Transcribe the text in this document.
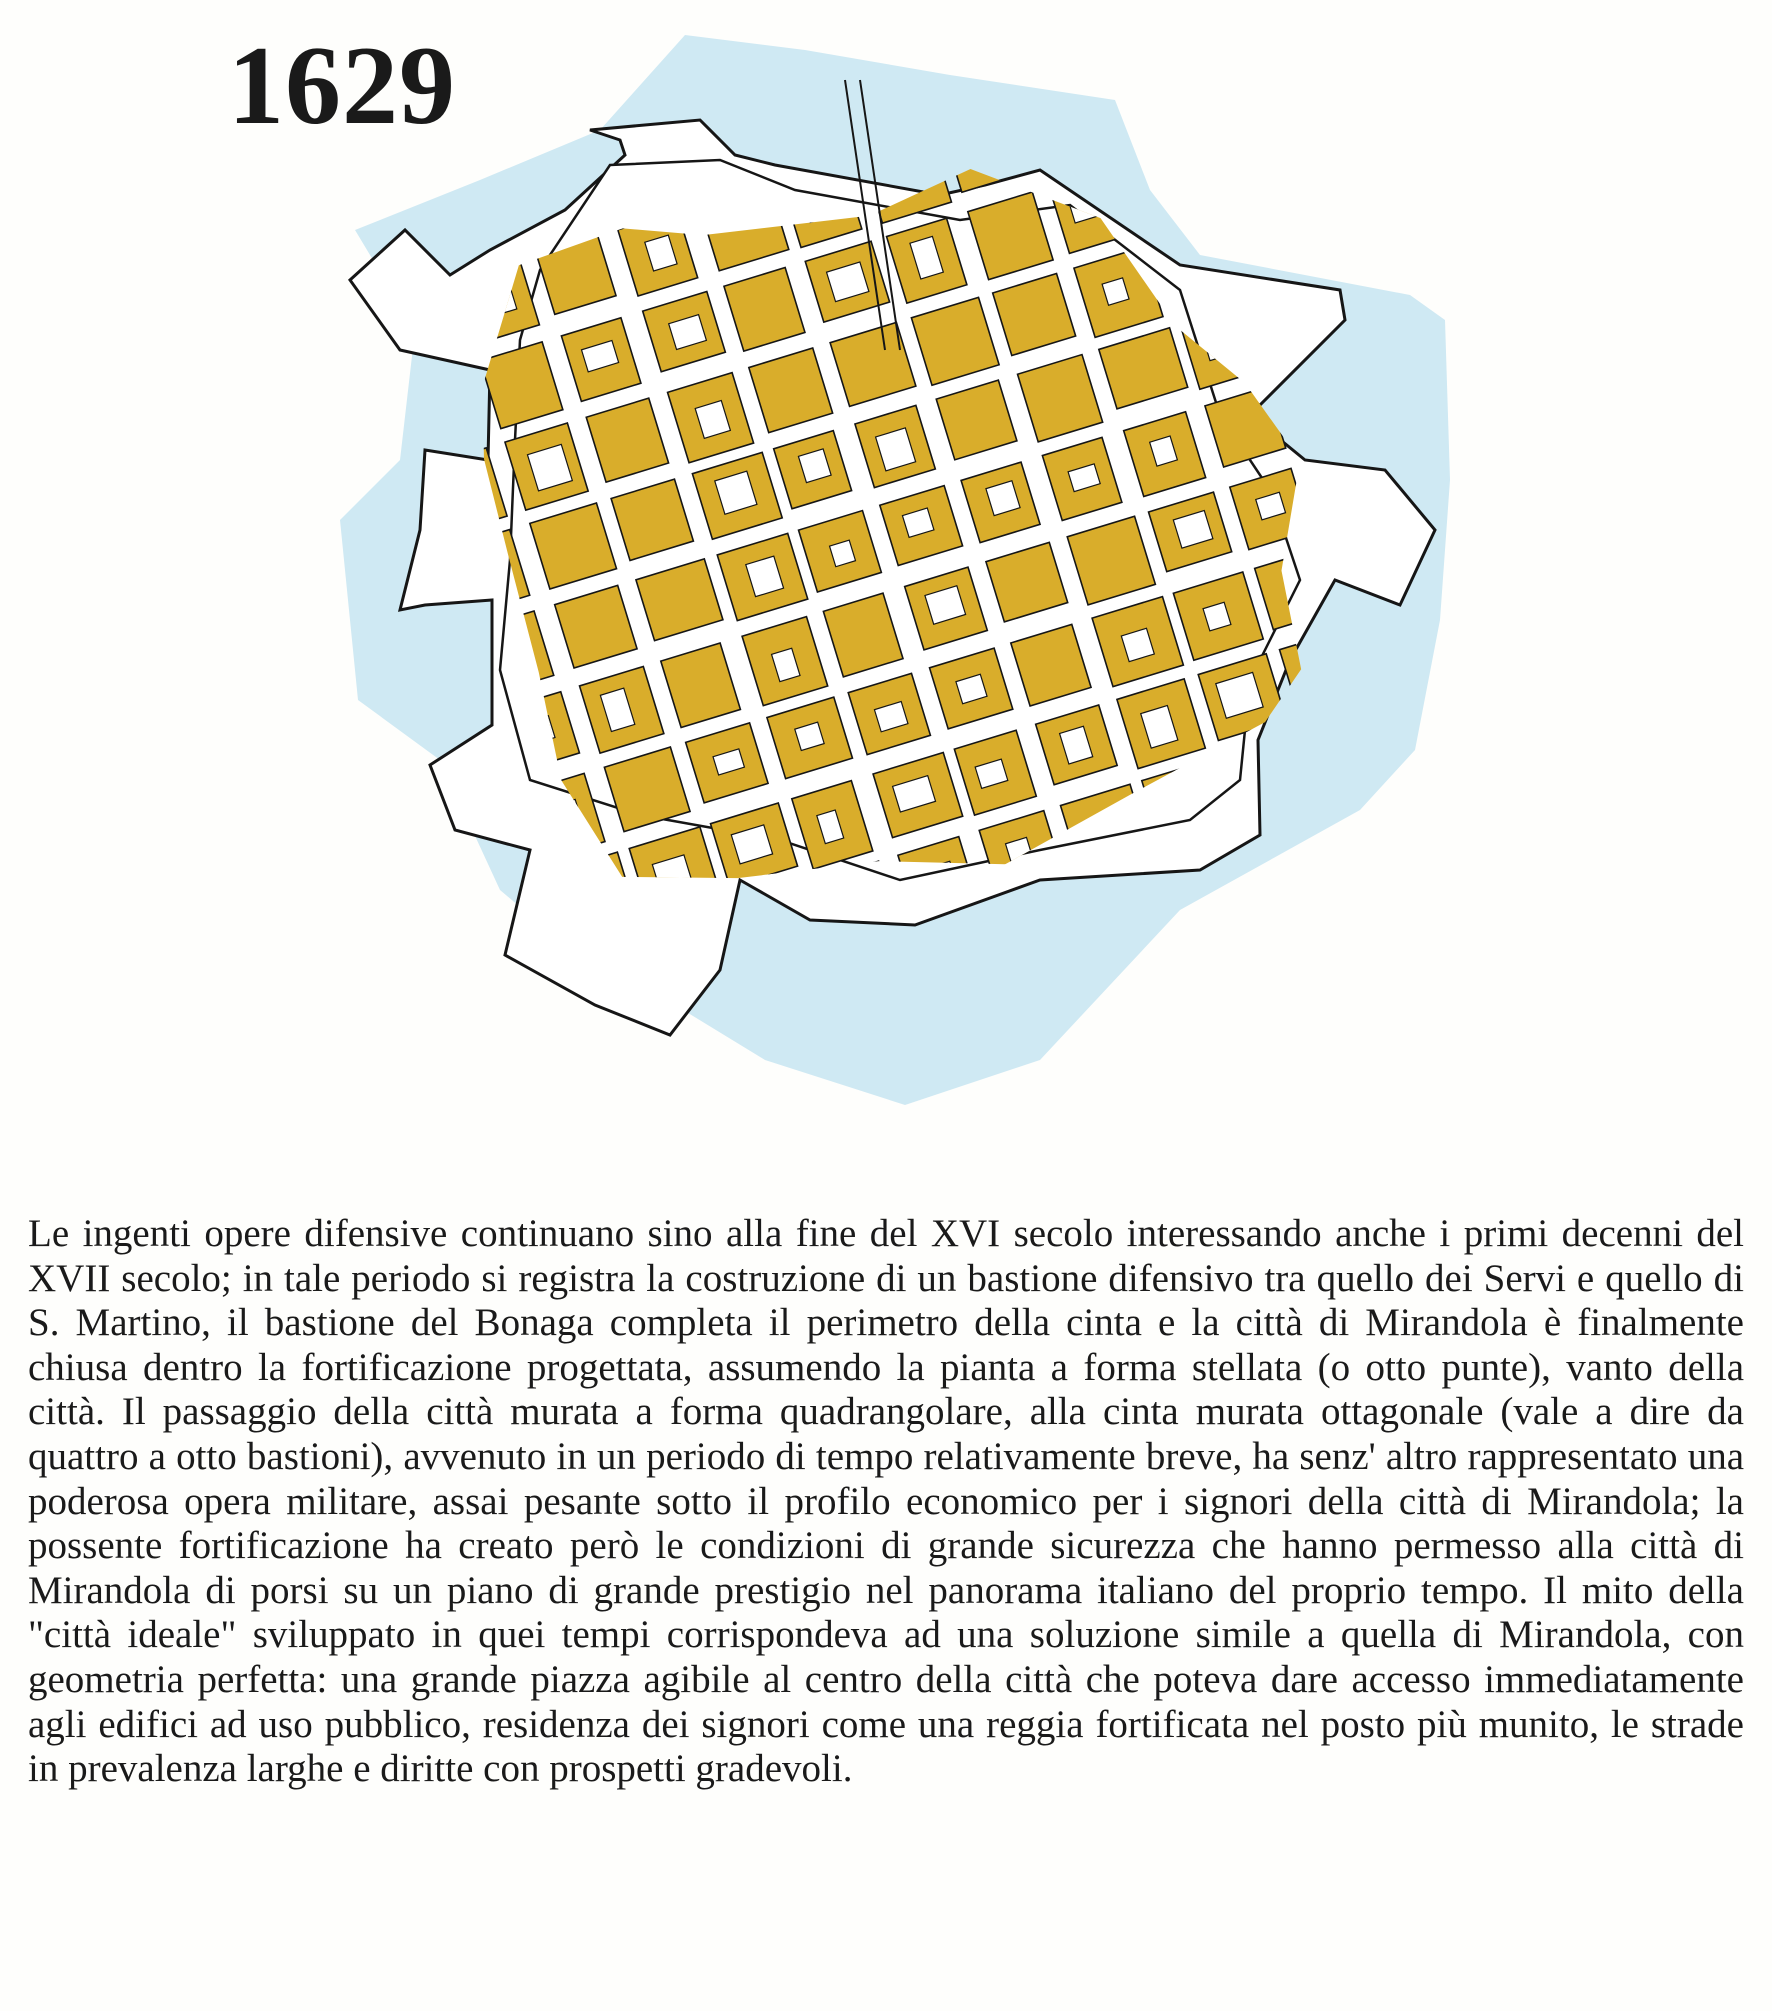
1629

Le ingenti opere difensive continuano sino alla fine del XVI secolo interessando anche i primi decenni del XVII secolo; in tale periodo si registra la costruzione di un bastione difensivo tra quello dei Servi e quello di S. Martino, il bastione del Bonaga completa il perimetro della cinta e la città di Mirandola è finalmente chiusa dentro la fortificazione progettata, assumendo la pianta a forma stellata (o otto punte), vanto della città. Il passaggio della città murata a forma quadrangolare, alla cinta murata ottagonale (vale a dire da quattro a otto bastioni), avvenuto in un periodo di tempo relativamente breve, ha senz' altro rappresentato una poderosa opera militare, assai pesante sotto il profilo economico per i signori della città di Mirandola; la possente fortificazione ha creato però le condizioni di grande sicurezza che hanno permesso alla città di Mirandola di porsi su un piano di grande prestigio nel panorama italiano del proprio tempo. Il mito della "città ideale" sviluppato in quei tempi corrispondeva ad una soluzione simile a quella di Mirandola, con geometria perfetta: una grande piazza agibile al centro della città che poteva dare accesso immediatamente agli edifici ad uso pubblico, residenza dei signori come una reggia fortificata nel posto più munito, le strade in prevalenza larghe e diritte con prospetti gradevoli.
